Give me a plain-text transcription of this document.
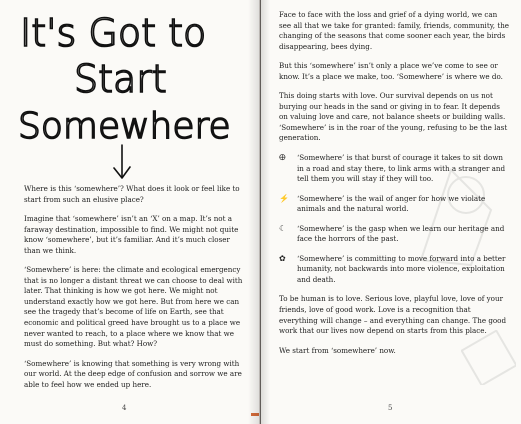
It's Got to
Start
Somewhere

Where is this ‘somewhere’? What does it look or feel like to start from such an elusive place?

Imagine that ‘somewhere’ isn’t an ‘X’ on a map. It’s not a faraway destination, impossible to find. We might not quite know ‘somewhere’, but it’s familiar. And it’s much closer than we think.

‘Somewhere’ is here: the climate and ecological emergency that is no longer a distant threat we can choose to deal with later. That thinking is how we got here. We might not understand exactly how we got here. But from here we can see the tragedy that’s become of life on Earth, see that economic and political greed have brought us to a place we never wanted to reach, to a place where we know that we must do something. But what? How?

‘Somewhere’ is knowing that something is very wrong with our world. At the deep edge of confusion and sorrow we are able to feel how we ended up here.

4

Face to face with the loss and grief of a dying world, we can see all that we take for granted: family, friends, community, the changing of the seasons that come sooner each year, the birds disappearing, bees dying.

But this ‘somewhere’ isn’t only a place we’ve come to see or know. It’s a place we make, too. ‘Somewhere’ is where we do.

This doing starts with love. Our survival depends on us not burying our heads in the sand or giving in to fear. It depends on valuing love and care, not balance sheets or building walls. ‘Somewhere’ is in the roar of the young, refusing to be the last generation.

🜨	‘Somewhere’ is that burst of courage it takes to sit down in a road and stay there, to link arms with a stranger and tell them you will stay if they will too.
⚡	‘Somewhere’ is the wail of anger for how we violate animals and the natural world.
☾	‘Somewhere’ is the gasp when we learn our heritage and face the horrors of the past.
✿	‘Somewhere’ is committing to move forward into a better humanity, not backwards into more violence, exploitation and death.

To be human is to love. Serious love, playful love, love of your friends, love of good work. Love is a recognition that everything will change – and everything can change. The good work that our lives now depend on starts from this place.

We start from ‘somewhere’ now.

5
